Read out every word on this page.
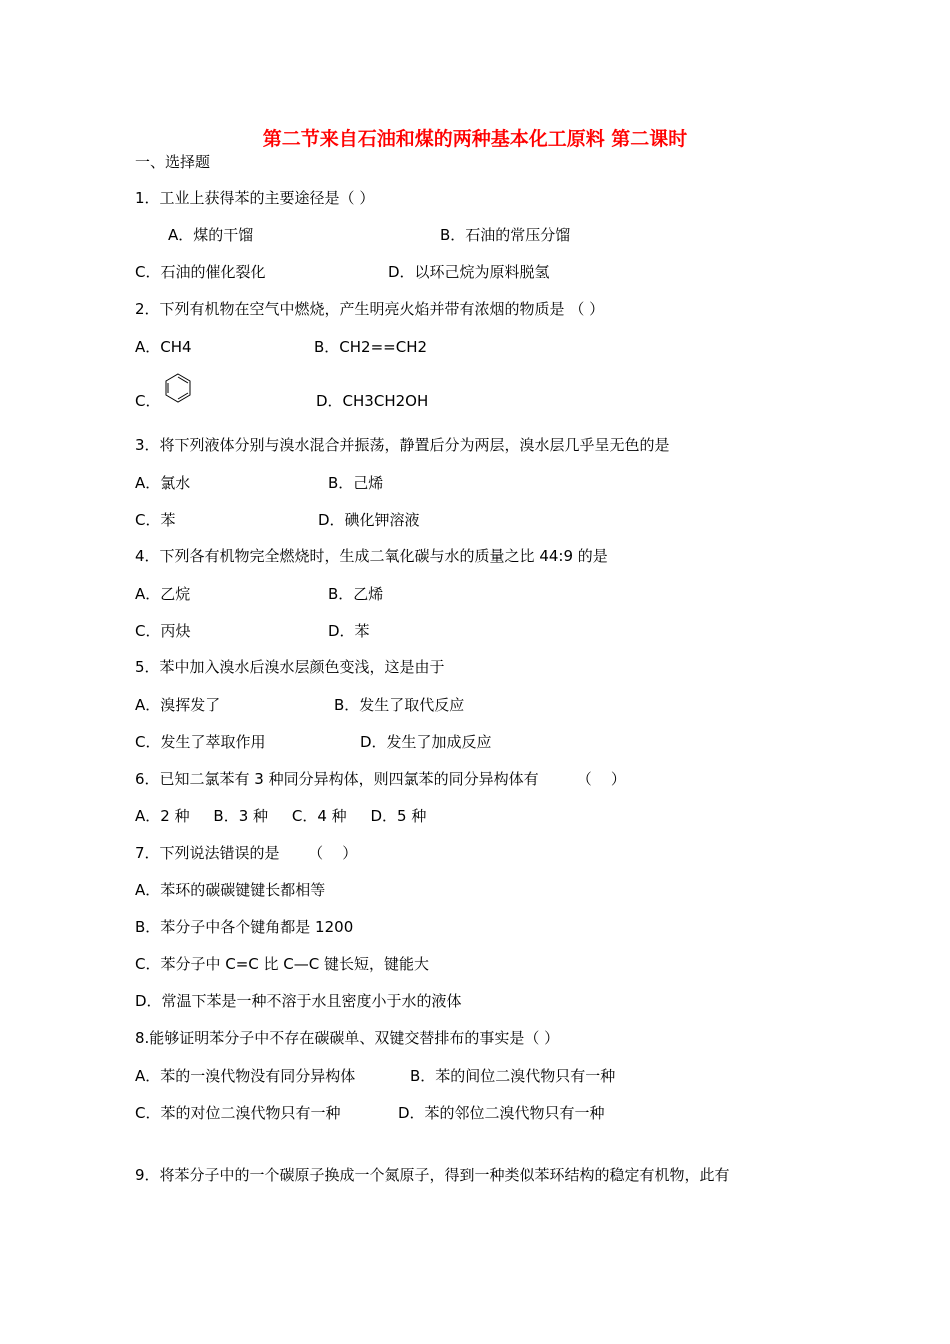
第二节来自石油和煤的两种基本化工原料 第二课时
一、选择题
1．工业上获得苯的主要途径是（ ）
A．煤的干馏	B．石油的常压分馏
C．石油的催化裂化	D．以环己烷为原料脱氢
2．下列有机物在空气中燃烧，产生明亮火焰并带有浓烟的物质是 （ ）
A．CH4	B．CH2==CH2
C．	D．CH3CH2OH
3．将下列液体分别与溴水混合并振荡，静置后分为两层，溴水层几乎呈无色的是
A．氯水	B．己烯
C．苯	D．碘化钾溶液
4．下列各有机物完全燃烧时，生成二氧化碳与水的质量之比 44:9 的是
A．乙烷	B．乙烯
C．丙炔	D．苯
5．苯中加入溴水后溴水层颜色变浅，这是由于
A．溴挥发了	B．发生了取代反应
C．发生了萃取作用	D．发生了加成反应
6．已知二氯苯有 3 种同分异构体，则四氯苯的同分异构体有        （    ）
A．2 种     B．3 种     C．4 种     D．5 种
7．下列说法错误的是      （    ）
A．苯环的碳碳键键长都相等
B．苯分子中各个键角都是 1200
C．苯分子中 C=C 比 C—C 键长短，键能大
D．常温下苯是一种不溶于水且密度小于水的液体
8.能够证明苯分子中不存在碳碳单、双键交替排布的事实是（ ）
A．苯的一溴代物没有同分异构体	B．苯的间位二溴代物只有一种
C．苯的对位二溴代物只有一种	D．苯的邻位二溴代物只有一种
9．将苯分子中的一个碳原子换成一个氮原子，得到一种类似苯环结构的稳定有机物，此有
